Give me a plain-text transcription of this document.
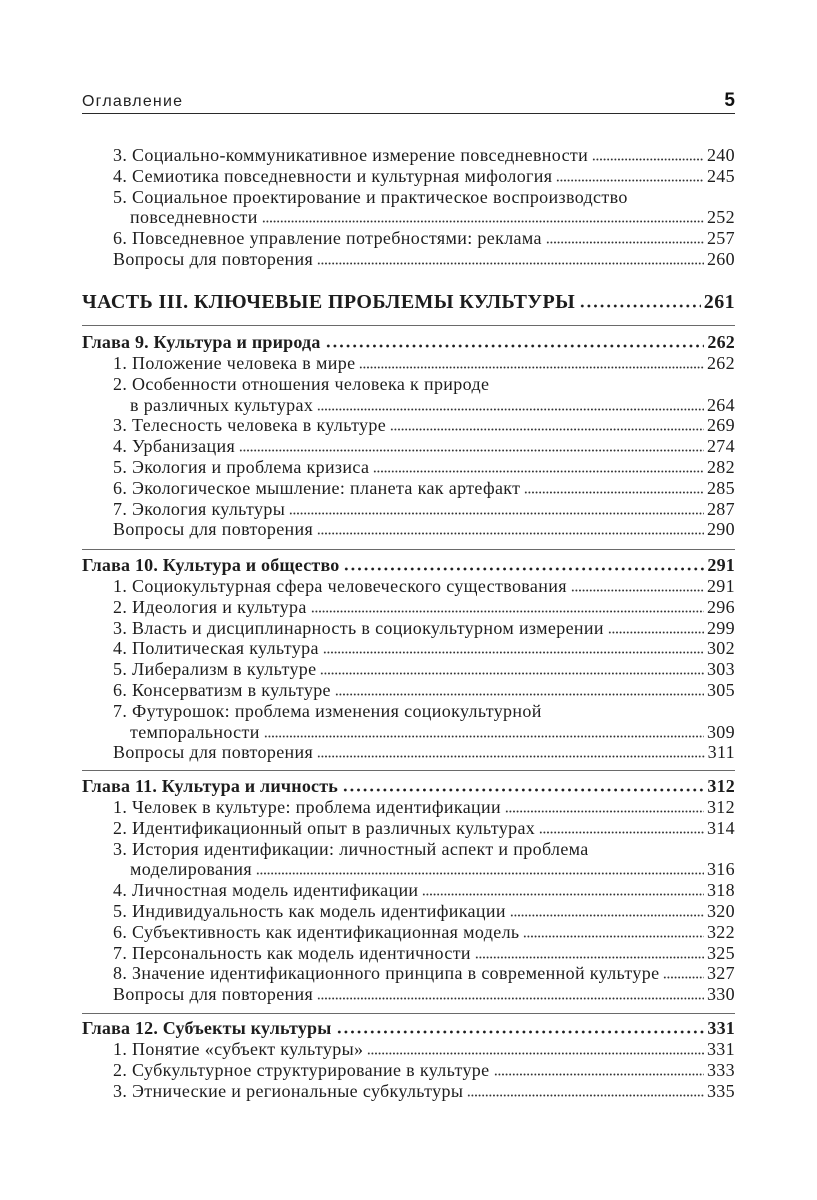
Оглавление	5
3. Социально-коммуникативное измерение повседневности	240
4. Семиотика повседневности и культурная мифология	245
5. Социальное проектирование и практическое воспроизводство
повседневности	252
6. Повседневное управление потребностями: реклама	257
Вопросы для повторения	260
ЧАСТЬ III. КЛЮЧЕВЫЕ ПРОБЛЕМЫ КУЛЬТУРЫ	261
Глава 9. Культура и природа	262
1. Положение человека в мире	262
2. Особенности отношения человека к природе
в различных культурах	264
3. Телесность человека в культуре	269
4. Урбанизация	274
5. Экология и проблема кризиса	282
6. Экологическое мышление: планета как артефакт	285
7. Экология культуры	287
Вопросы для повторения	290
Глава 10. Культура и общество	291
1. Социокультурная сфера человеческого существования	291
2. Идеология и культура	296
3. Власть и дисциплинарность в социокультурном измерении	299
4. Политическая культура	302
5. Либерализм в культуре	303
6. Консерватизм в культуре	305
7. Футурошок: проблема изменения социокультурной
темпоральности	309
Вопросы для повторения	311
Глава 11. Культура и личность	312
1. Человек в культуре: проблема идентификации	312
2. Идентификационный опыт в различных культурах	314
3. История идентификации: личностный аспект и проблема
моделирования	316
4. Личностная модель идентификации	318
5. Индивидуальность как модель идентификации	320
6. Субъективность как идентификационная модель	322
7. Персональность как модель идентичности	325
8. Значение идентификационного принципа в современной культуре	327
Вопросы для повторения	330
Глава 12. Субъекты культуры	331
1. Понятие «субъект культуры»	331
2. Субкультурное структурирование в культуре	333
3. Этнические и региональные субкультуры	335
